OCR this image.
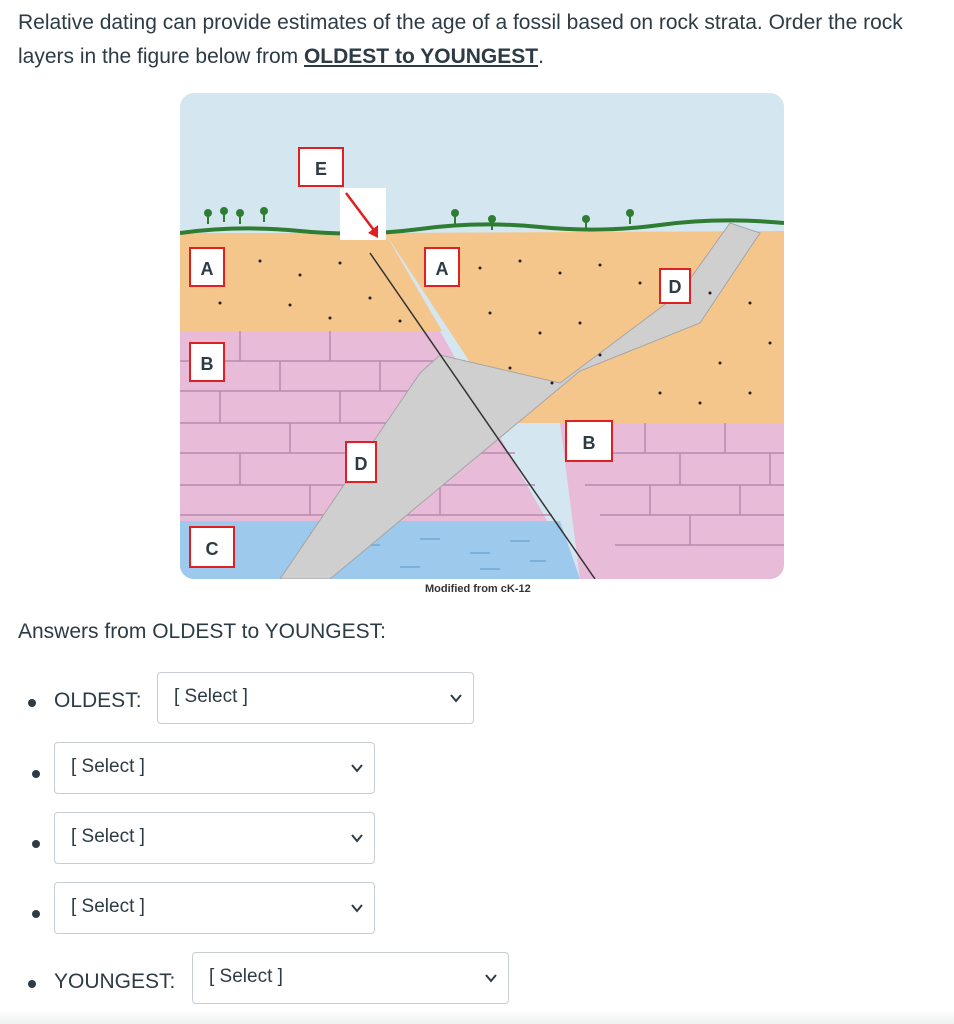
Relative dating can provide estimates of the age of a fossil based on rock strata. Order the rock layers in the figure below from OLDEST to YOUNGEST.
A	A
B
B
C
D
D
E
Modified from cK-12
Answers from OLDEST to YOUNGEST:
OLDEST: [ Select ]
[ Select ]
[ Select ]
[ Select ]
YOUNGEST: [ Select ]
